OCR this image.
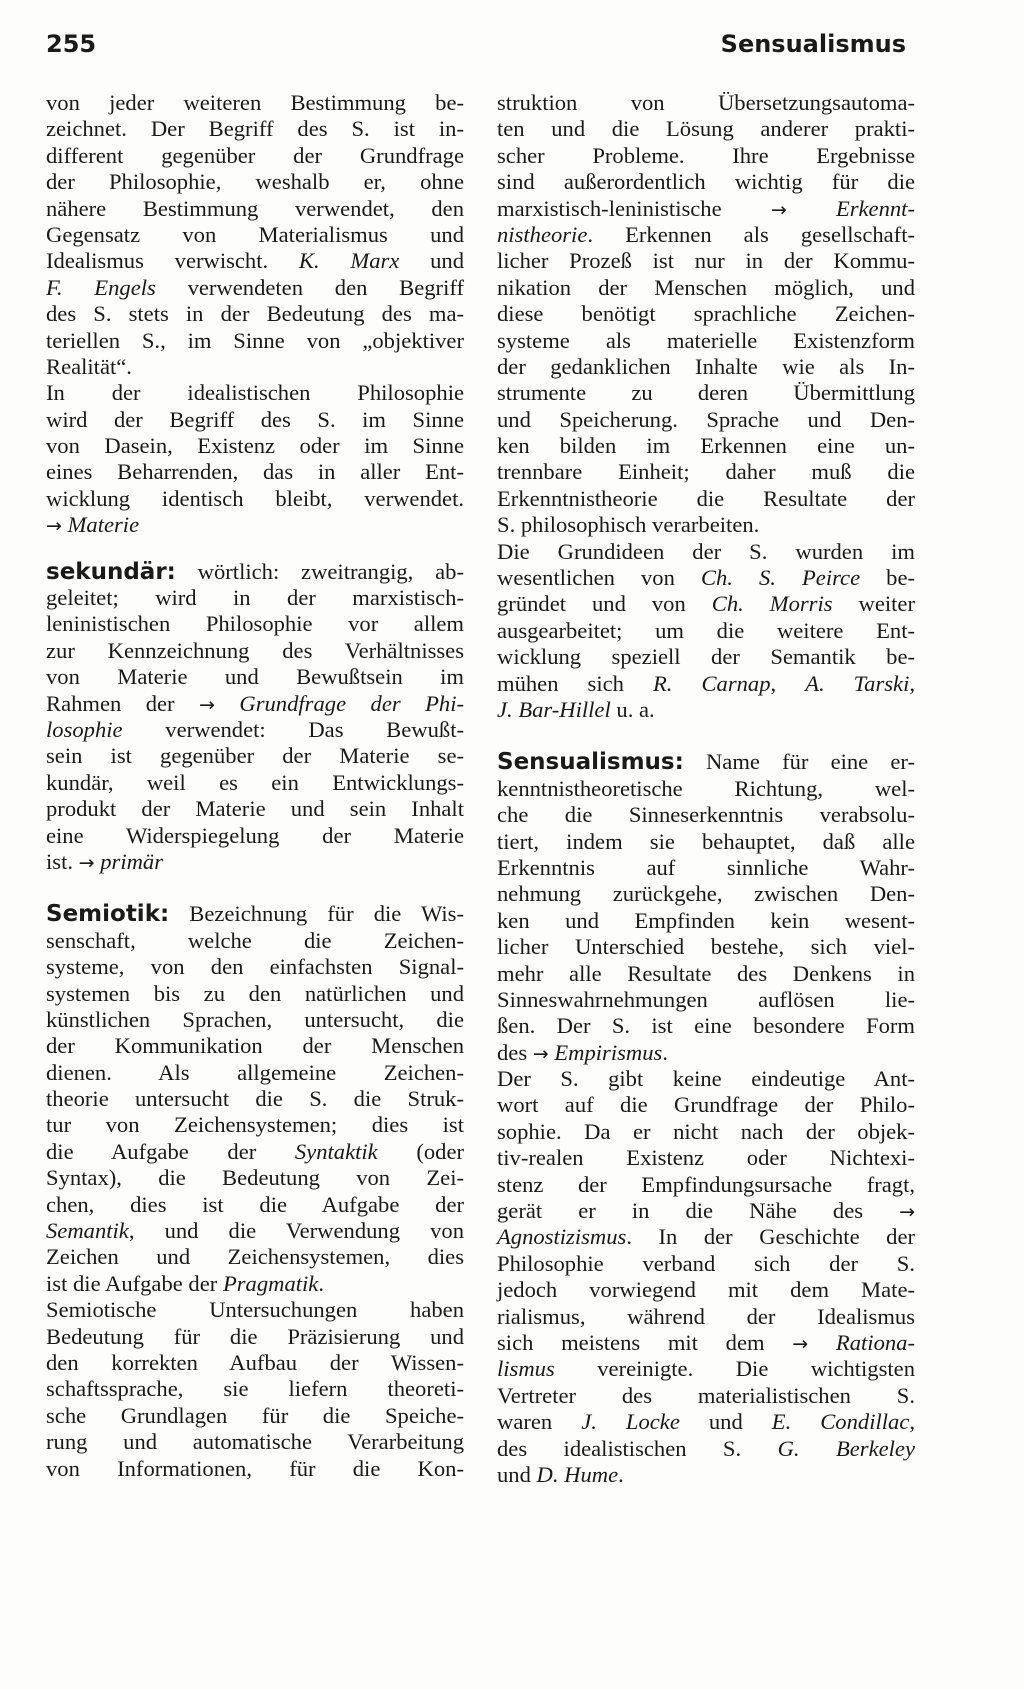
255	Sensualismus
von jeder weiteren Bestimmung be-
zeichnet. Der Begriff des S. ist in-
different gegenüber der Grundfrage
der Philosophie, weshalb er, ohne
nähere Bestimmung verwendet, den
Gegensatz von Materialismus und
Idealismus verwischt. K. Marx und
F. Engels verwendeten den Begriff
des S. stets in der Bedeutung des ma-
teriellen S., im Sinne von „objektiver
Realität“.
In der idealistischen Philosophie
wird der Begriff des S. im Sinne
von Dasein, Existenz oder im Sinne
eines Beharrenden, das in aller Ent-
wicklung identisch bleibt, verwendet.
→ Materie
sekundär: wörtlich: zweitrangig, ab-
geleitet; wird in der marxistisch-
leninistischen Philosophie vor allem
zur Kennzeichnung des Verhältnisses
von Materie und Bewußtsein im
Rahmen der → Grundfrage der Phi-
losophie verwendet: Das Bewußt-
sein ist gegenüber der Materie se-
kundär, weil es ein Entwicklungs-
produkt der Materie und sein Inhalt
eine Widerspiegelung der Materie
ist. → primär
Semiotik: Bezeichnung für die Wis-
senschaft, welche die Zeichen-
systeme, von den einfachsten Signal-
systemen bis zu den natürlichen und
künstlichen Sprachen, untersucht, die
der Kommunikation der Menschen
dienen. Als allgemeine Zeichen-
theorie untersucht die S. die Struk-
tur von Zeichensystemen; dies ist
die Aufgabe der Syntaktik (oder
Syntax), die Bedeutung von Zei-
chen, dies ist die Aufgabe der
Semantik, und die Verwendung von
Zeichen und Zeichensystemen, dies
ist die Aufgabe der Pragmatik.
Semiotische Untersuchungen haben
Bedeutung für die Präzisierung und
den korrekten Aufbau der Wissen-
schaftssprache, sie liefern theoreti-
sche Grundlagen für die Speiche-
rung und automatische Verarbeitung
von Informationen, für die Kon-
struktion von Übersetzungsautoma-
ten und die Lösung anderer prakti-
scher Probleme. Ihre Ergebnisse
sind außerordentlich wichtig für die
marxistisch-leninistische → Erkennt-
nistheorie. Erkennen als gesellschaft-
licher Prozeß ist nur in der Kommu-
nikation der Menschen möglich, und
diese benötigt sprachliche Zeichen-
systeme als materielle Existenzform
der gedanklichen Inhalte wie als In-
strumente zu deren Übermittlung
und Speicherung. Sprache und Den-
ken bilden im Erkennen eine un-
trennbare Einheit; daher muß die
Erkenntnistheorie die Resultate der
S. philosophisch verarbeiten.
Die Grundideen der S. wurden im
wesentlichen von Ch. S. Peirce be-
gründet und von Ch. Morris weiter
ausgearbeitet; um die weitere Ent-
wicklung speziell der Semantik be-
mühen sich R. Carnap, A. Tarski,
J. Bar-Hillel u. a.
Sensualismus: Name für eine er-
kenntnistheoretische Richtung, wel-
che die Sinneserkenntnis verabsolu-
tiert, indem sie behauptet, daß alle
Erkenntnis auf sinnliche Wahr-
nehmung zurückgehe, zwischen Den-
ken und Empfinden kein wesent-
licher Unterschied bestehe, sich viel-
mehr alle Resultate des Denkens in
Sinneswahrnehmungen auflösen lie-
ßen. Der S. ist eine besondere Form
des → Empirismus.
Der S. gibt keine eindeutige Ant-
wort auf die Grundfrage der Philo-
sophie. Da er nicht nach der objek-
tiv-realen Existenz oder Nichtexi-
stenz der Empfindungsursache fragt,
gerät er in die Nähe des →
Agnostizismus. In der Geschichte der
Philosophie verband sich der S.
jedoch vorwiegend mit dem Mate-
rialismus, während der Idealismus
sich meistens mit dem → Rationa-
lismus vereinigte. Die wichtigsten
Vertreter des materialistischen S.
waren J. Locke und E. Condillac,
des idealistischen S. G. Berkeley
und D. Hume.
